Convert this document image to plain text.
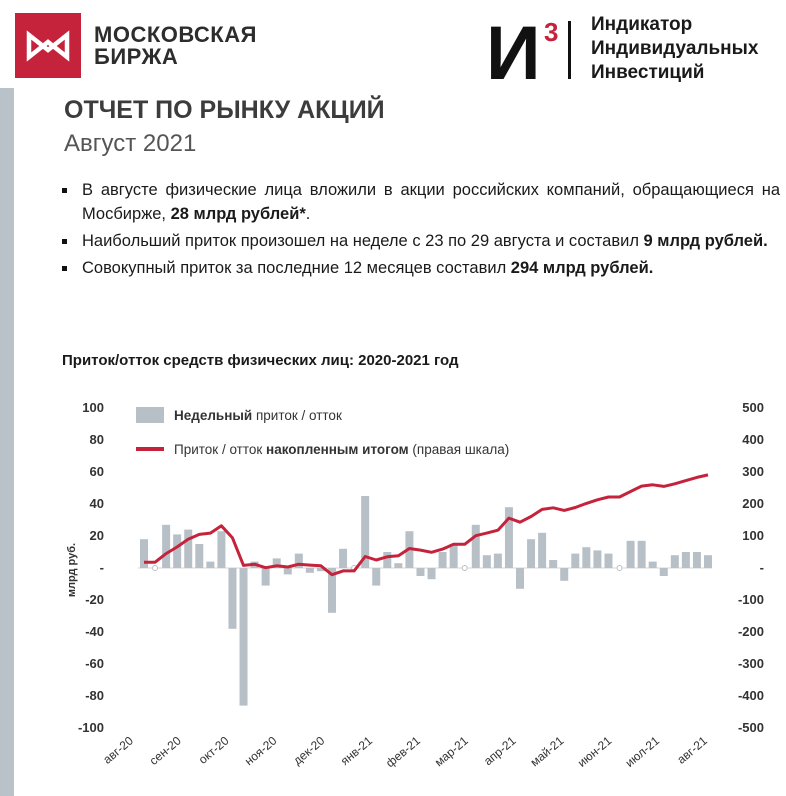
МОСКОВСКАЯ
БИРЖА	И 3 Индикатор
Индивидуальных
Инвестиций
ОТЧЕТ ПО РЫНКУ АКЦИЙ
Август 2021
В августе физические лица вложили в акции российских компаний, обращающиеся на Мосбирже, 28 млрд рублей*.
Наибольший приток произошел на неделе с 23 по 29 августа и составил 9 млрд рублей.
Совокупный приток за последние 12 месяцев составил 294 млрд рублей.
Приток/отток средств физических лиц: 2020-2021 год
100
80
60
40
20
-
-20
-40
-60
-80
-100
500
400
300
200
100
-
-100
-200
-300
-400
-500
авг-20 сен-20 окт-20 ноя-20 дек-20 янв-21 фев-21 мар-21 апр-21 май-21 июн-21 июл-21 авг-21
млрд руб.
Недельный приток / отток
Приток / отток накопленным итогом (правая шкала)
